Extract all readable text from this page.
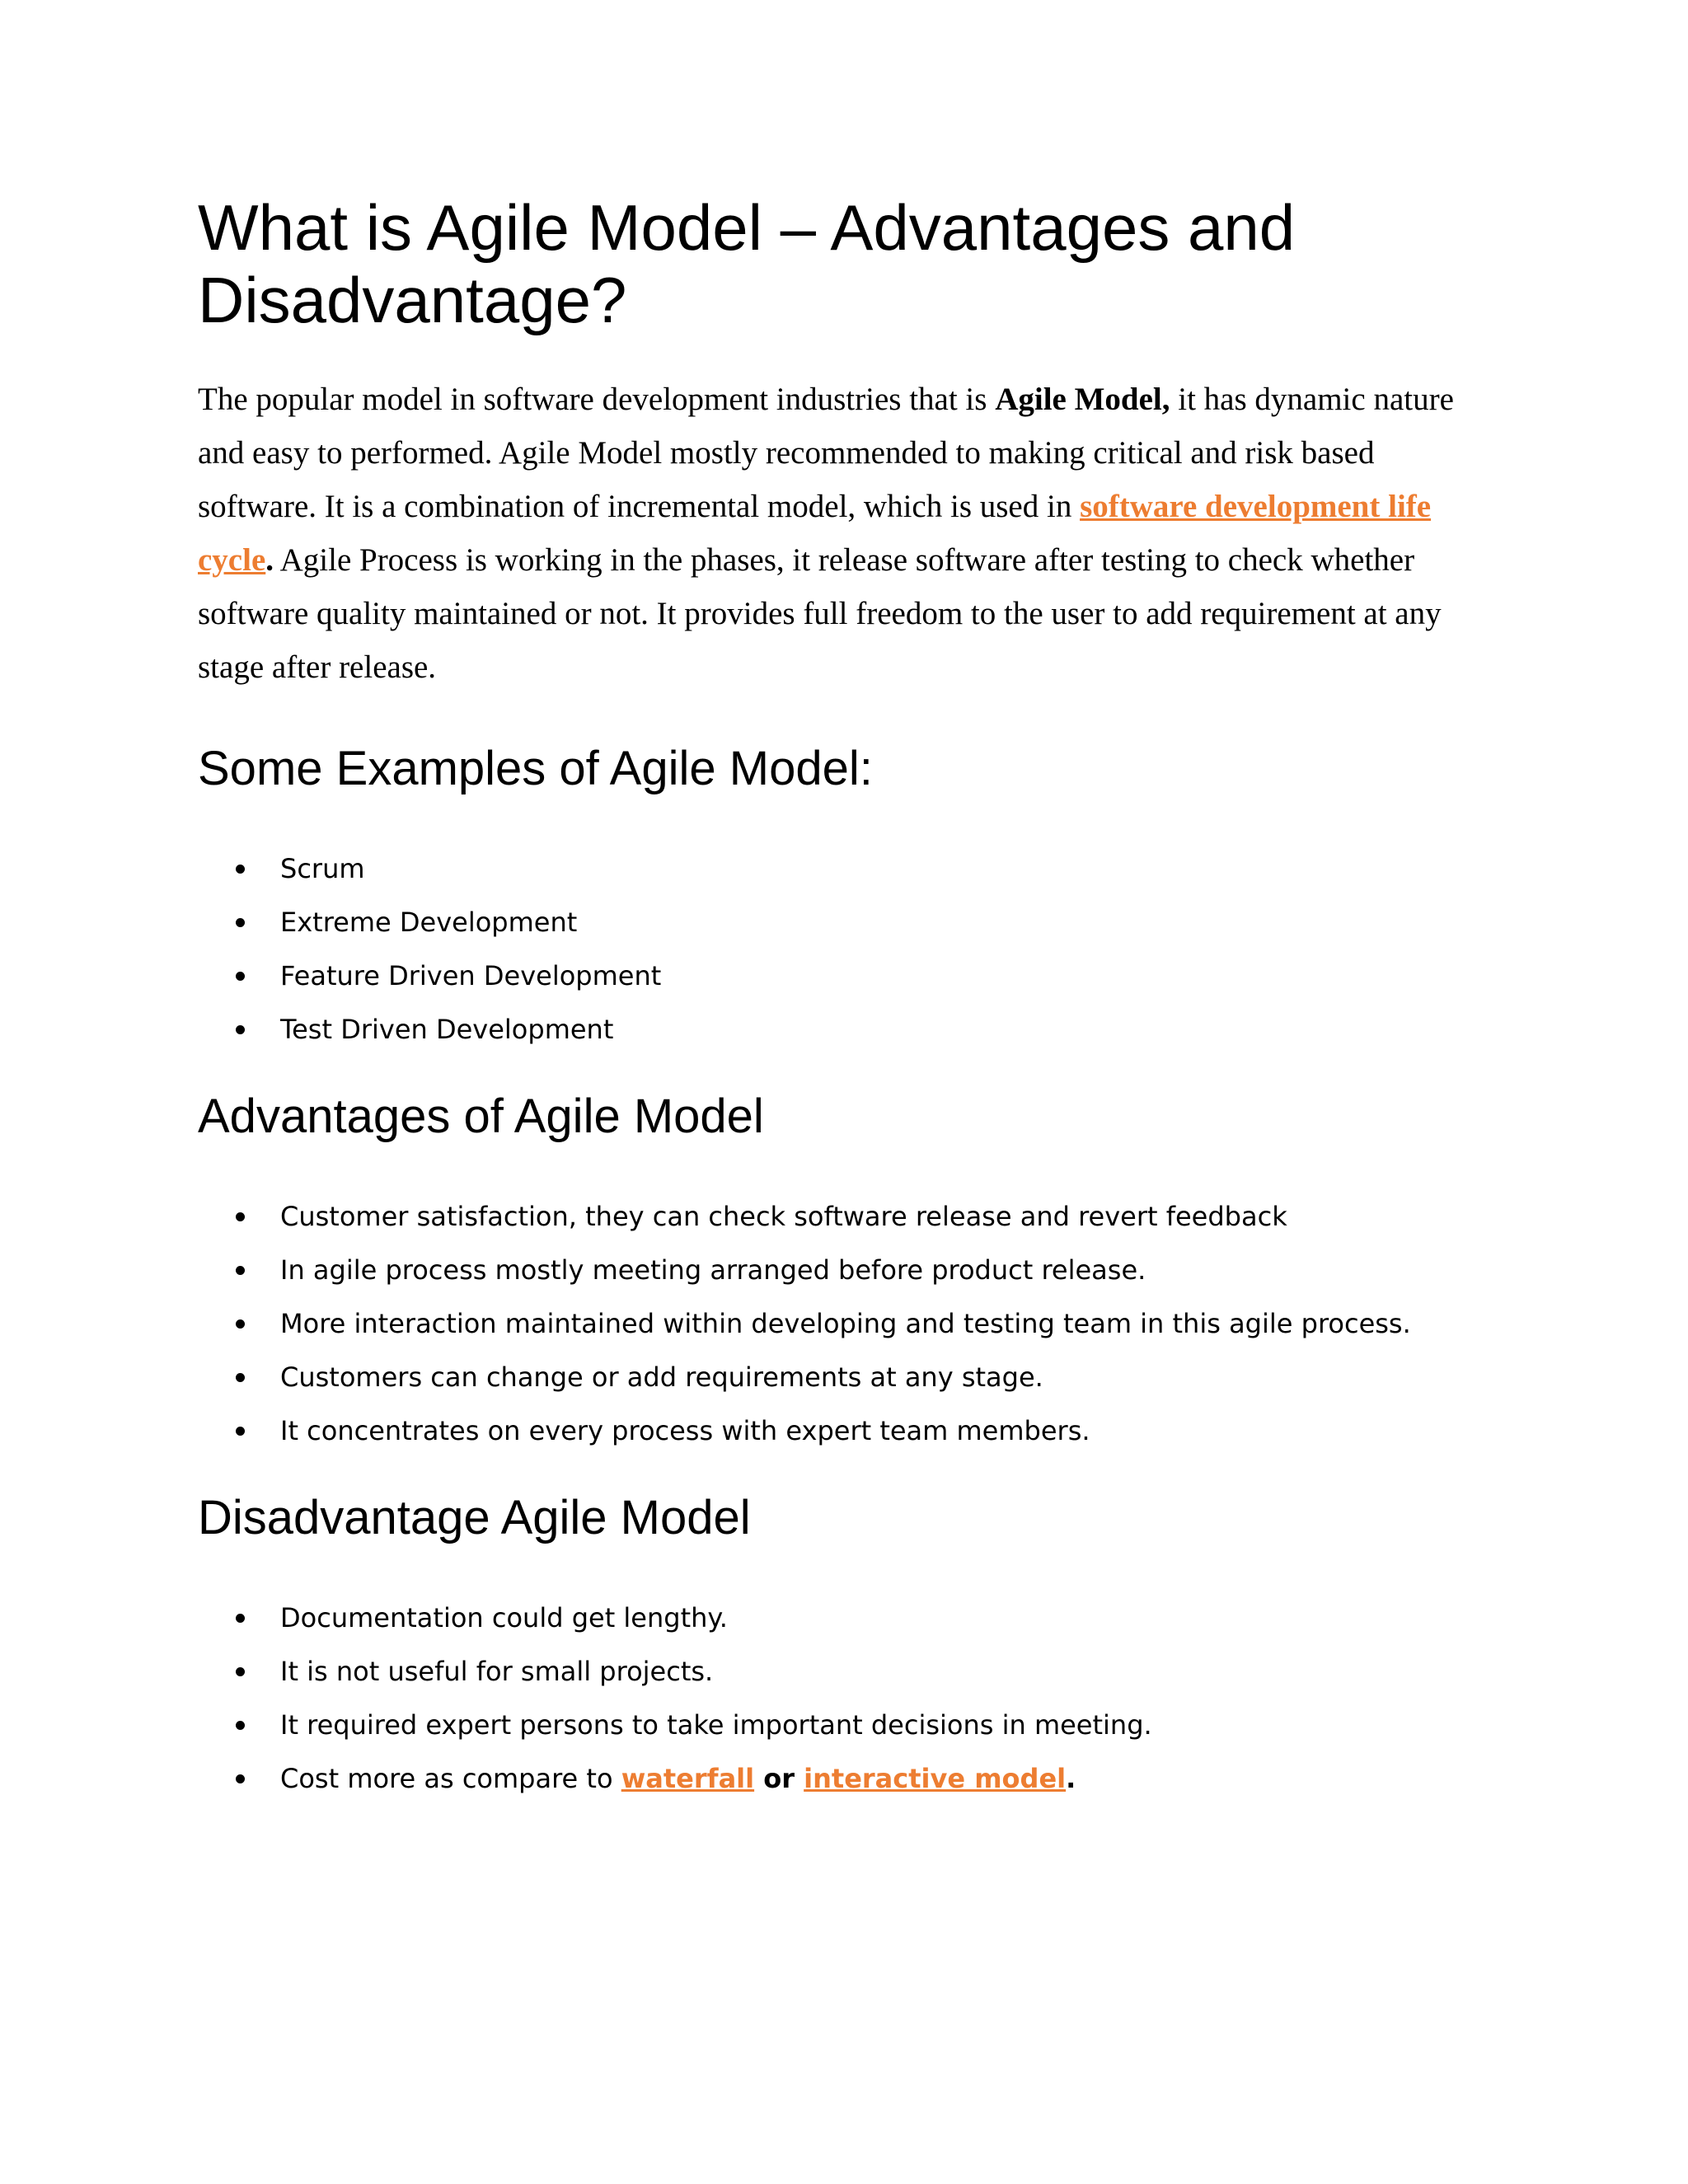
What is Agile Model – Advantages and Disadvantage?

The popular model in software development industries that is Agile Model, it has dynamic nature and easy to performed. Agile Model mostly recommended to making critical and risk based software. It is a combination of incremental model, which is used in software development life cycle. Agile Process is working in the phases, it release software after testing to check whether software quality maintained or not. It provides full freedom to the user to add requirement at any stage after release.

Some Examples of Agile Model:
Scrum
Extreme Development
Feature Driven Development
Test Driven Development
Advantages of Agile Model
Customer satisfaction, they can check software release and revert feedback
In agile process mostly meeting arranged before product release.
More interaction maintained within developing and testing team in this agile process.
Customers can change or add requirements at any stage.
It concentrates on every process with expert team members.
Disadvantage Agile Model
Documentation could get lengthy.
It is not useful for small projects.
It required expert persons to take important decisions in meeting.
Cost more as compare to waterfall or interactive model.
